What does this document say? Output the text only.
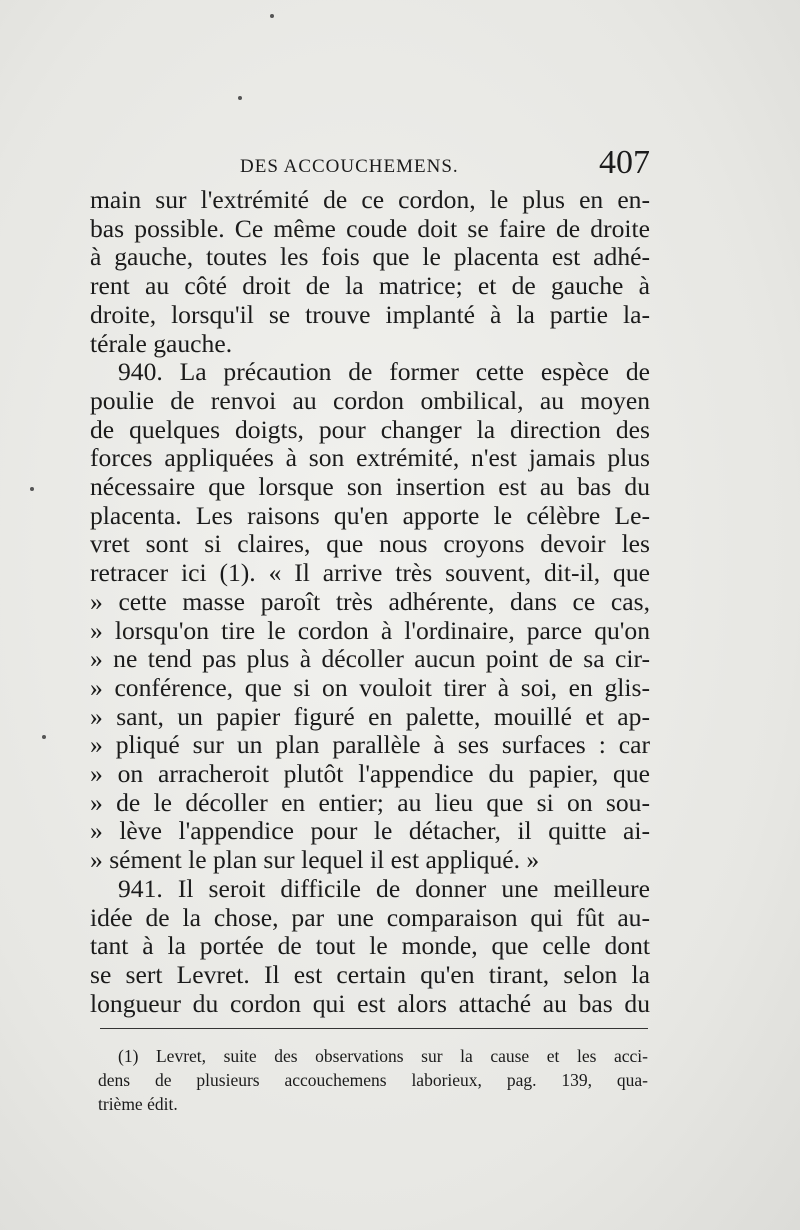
DES ACCOUCHEMENS.	407
main sur l'extrémité de ce cordon, le plus en en-
bas possible. Ce même coude doit se faire de droite
à gauche, toutes les fois que le placenta est adhé-
rent au côté droit de la matrice; et de gauche à
droite, lorsqu'il se trouve implanté à la partie la-
térale gauche.
940. La précaution de former cette espèce de
poulie de renvoi au cordon ombilical, au moyen
de quelques doigts, pour changer la direction des
forces appliquées à son extrémité, n'est jamais plus
nécessaire que lorsque son insertion est au bas du
placenta. Les raisons qu'en apporte le célèbre Le-
vret sont si claires, que nous croyons devoir les
retracer ici (1). « Il arrive très souvent, dit-il, que
» cette masse paroît très adhérente, dans ce cas,
» lorsqu'on tire le cordon à l'ordinaire, parce qu'on
» ne tend pas plus à décoller aucun point de sa cir-
» conférence, que si on vouloit tirer à soi, en glis-
» sant, un papier figuré en palette, mouillé et ap-
» pliqué sur un plan parallèle à ses surfaces : car
» on arracheroit plutôt l'appendice du papier, que
» de le décoller en entier; au lieu que si on sou-
» lève l'appendice pour le détacher, il quitte ai-
» sément le plan sur lequel il est appliqué. »
941. Il seroit difficile de donner une meilleure
idée de la chose, par une comparaison qui fût au-
tant à la portée de tout le monde, que celle dont
se sert Levret. Il est certain qu'en tirant, selon la
longueur du cordon qui est alors attaché au bas du
(1) Levret, suite des observations sur la cause et les acci-
dens de plusieurs accouchemens laborieux, pag. 139, qua-
trième édit.
